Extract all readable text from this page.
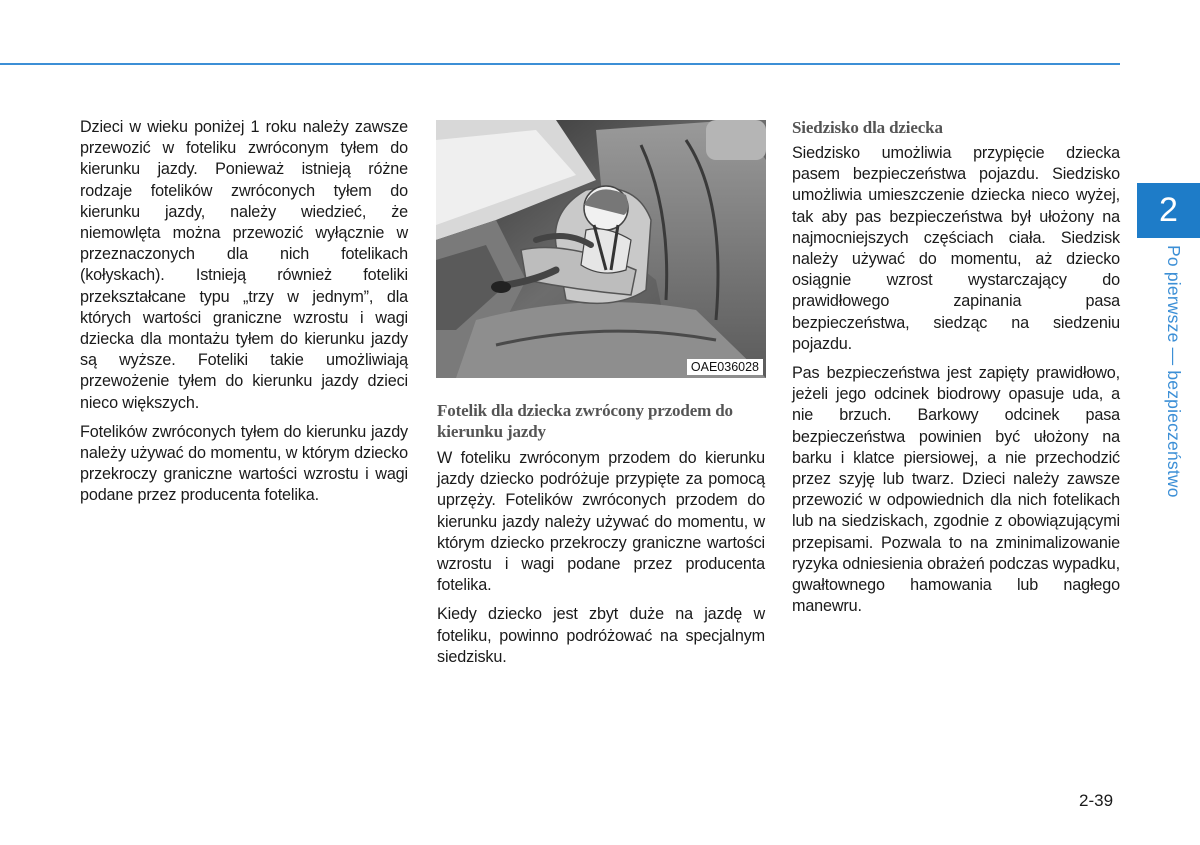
Dzieci w wieku poniżej 1 roku należy zawsze przewozić w foteliku zwróconym tyłem do kierunku jazdy. Ponieważ istnieją różne rodzaje fotelików zwróconych tyłem do kierunku jazdy, należy wiedzieć, że niemowlęta można przewozić wyłącznie w przeznaczonych dla nich fotelikach (kołyskach). Istnieją również foteliki przekształcane typu „trzy w jednym”, dla których wartości graniczne wzrostu i wagi dziecka dla montażu tyłem do kierunku jazdy są wyższe. Foteliki takie umożliwiają przewożenie tyłem do kierunku jazdy dzieci nieco większych.

Fotelików zwróconych tyłem do kierunku jazdy należy używać do momentu, w którym dziecko przekroczy graniczne wartości wzrostu i wagi podane przez producenta fotelika.

OAE036028
Fotelik dla dziecka zwrócony przodem do kierunku jazdy

W foteliku zwróconym przodem do kierunku jazdy dziecko podróżuje przypięte za pomocą uprzęży. Fotelików zwróconych przodem do kierunku jazdy należy używać do momentu, w którym dziecko przekroczy graniczne wartości wzrostu i wagi podane przez producenta fotelika.

Kiedy dziecko jest zbyt duże na jazdę w foteliku, powinno podróżować na specjalnym siedzisku.

Siedzisko dla dziecka

Siedzisko umożliwia przypięcie dziecka pasem bezpieczeństwa pojazdu. Siedzisko umożliwia umieszczenie dziecka nieco wyżej, tak aby pas bezpieczeństwa był ułożony na najmocniejszych częściach ciała. Siedzisk należy używać do momentu, aż dziecko osiągnie wzrost wystarczający do prawidłowego zapinania pasa bezpieczeństwa, siedząc na siedzeniu pojazdu.

Pas bezpieczeństwa jest zapięty prawidłowo, jeżeli jego odcinek biodrowy opasuje uda, a nie brzuch. Barkowy odcinek pasa bezpieczeństwa powinien być ułożony na barku i klatce piersiowej, a nie przechodzić przez szyję lub twarz. Dzieci należy zawsze przewozić w odpowiednich dla nich fotelikach lub na siedziskach, zgodnie z obowiązującymi przepisami. Pozwala to na zminimalizowanie ryzyka odniesienia obrażeń podczas wypadku, gwałtownego hamowania lub nagłego manewru.

2
Po pierwsze — bezpieczeństwo
2-39
